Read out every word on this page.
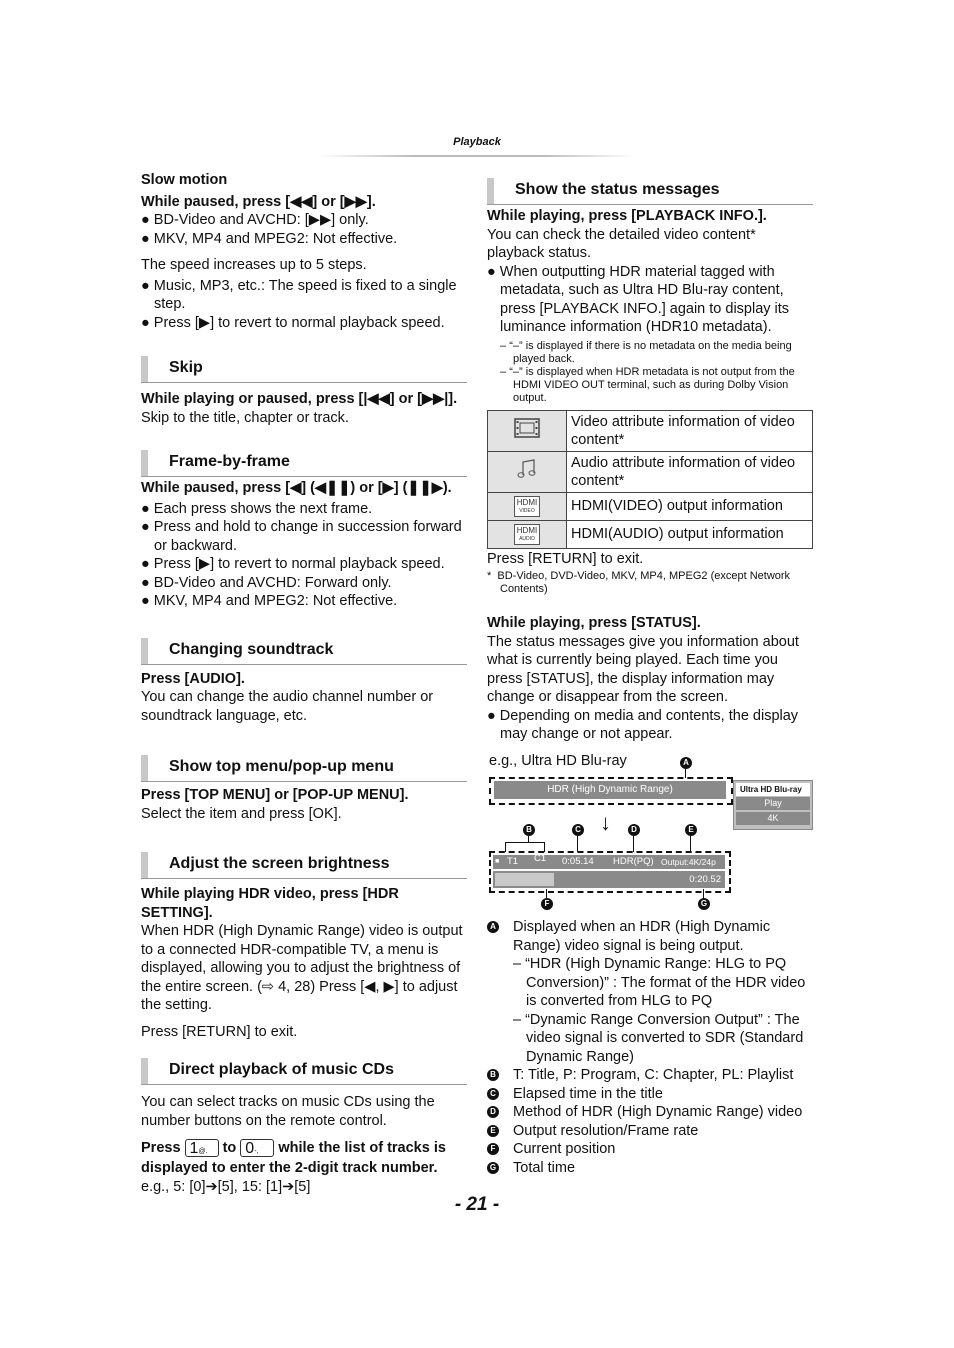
Playback

Slow motion

While paused, press [◀◀] or [▶▶].

● BD-Video and AVCHD: [▶▶] only.

● MKV, MP4 and MPEG2: Not effective.

The speed increases up to 5 steps.

● Music, MP3, etc.: The speed is fixed to a single step.

● Press [▶] to revert to normal playback speed.

Skip

While playing or paused, press [|◀◀] or [▶▶|].

Skip to the title, chapter or track.

Frame-by-frame

While paused, press [◀] (◀❚❚) or [▶] (❚❚▶).

● Each press shows the next frame.

● Press and hold to change in succession forward or backward.

● Press [▶] to revert to normal playback speed.

● BD-Video and AVCHD: Forward only.

● MKV, MP4 and MPEG2: Not effective.

Changing soundtrack

Press [AUDIO].

You can change the audio channel number or soundtrack language, etc.

Show top menu/pop-up menu

Press [TOP MENU] or [POP-UP MENU].

Select the item and press [OK].

Adjust the screen brightness

While playing HDR video, press [HDR SETTING].

When HDR (High Dynamic Range) video is output to a connected HDR-compatible TV, a menu is displayed, allowing you to adjust the brightness of the entire screen. (⇨ 4, 28) Press [◀, ▶] to adjust the setting.

Press [RETURN] to exit.

Direct playback of music CDs

You can select tracks on music CDs using the number buttons on the remote control.

Press 1@. to 0-, while the list of tracks is displayed to enter the 2-digit track number.

e.g., 5: [0]➔[5], 15: [1]➔[5]

Show the status messages

While playing, press [PLAYBACK INFO.].

You can check the detailed video content* playback status.

● When outputting HDR material tagged with metadata, such as Ultra HD Blu-ray content, press [PLAYBACK INFO.] again to display its luminance information (HDR10 metadata).

– “–” is displayed if there is no metadata on the media being played back.

– “–” is displayed when HDR metadata is not output from the HDMI VIDEO OUT terminal, such as during Dolby Vision output.

	Video attribute information of video content*
	Audio attribute information of video content*
HDMI
VIDEO	HDMI(VIDEO) output information
HDMI
AUDIO	HDMI(AUDIO) output information

Press [RETURN] to exit.

*  BD-Video, DVD-Video, MKV, MP4, MPEG2 (except Network Contents)

While playing, press [STATUS].

The status messages give you information about what is currently being played. Each time you press [STATUS], the display information may change or disappear from the screen.

● Depending on media and contents, the display may change or not appear.

e.g., Ultra HD Blu-ray	A
HDR (High Dynamic Range)	Ultra HD Blu-ray
Play
4K
↓
B	C	D	E
■ T1 C1 0:05.14 HDR(PQ) Output:4K/24p
0:20.52
F	G

A Displayed when an HDR (High Dynamic Range) video signal is being output.

– “HDR (High Dynamic Range: HLG to PQ Conversion)” : The format of the HDR video is converted from HLG to PQ

– “Dynamic Range Conversion Output” : The video signal is converted to SDR (Standard Dynamic Range)

B T: Title, P: Program, C: Chapter, PL: Playlist

C Elapsed time in the title

D Method of HDR (High Dynamic Range) video

E Output resolution/Frame rate

F Current position

G Total time

- 21 -
